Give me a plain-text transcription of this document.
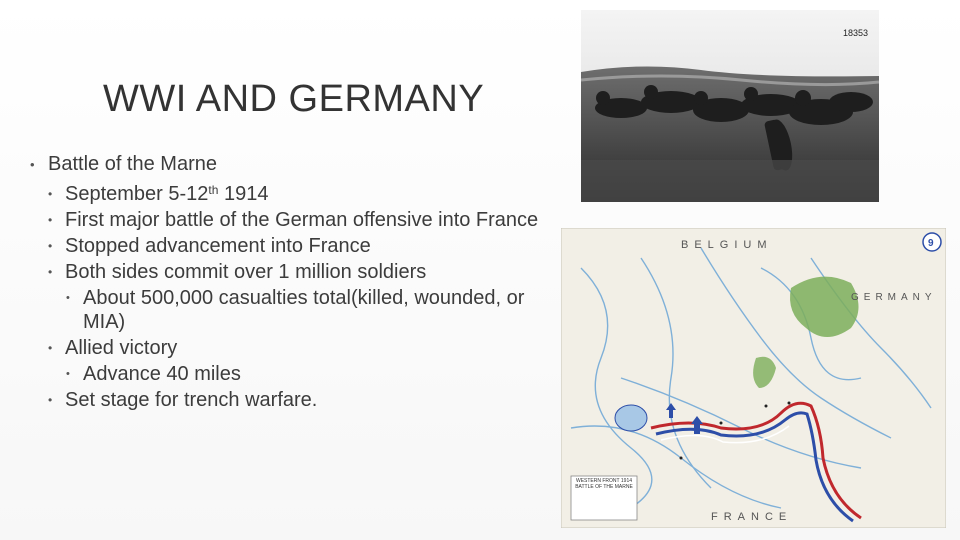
WWI AND GERMANY
• Battle of the Marne
• September 5-12th 1914
• First major battle of the German offensive into France
• Stopped advancement into France
• Both sides commit over 1 million soldiers
• About 500,000 casualties total(killed, wounded, or MIA)
• Allied victory
• Advance 40 miles
• Set stage for trench warfare.
18353
BELGIUM
GERMANY
FRANCE
9
WESTERN FRONT 1914 BATTLE OF THE MARNE
